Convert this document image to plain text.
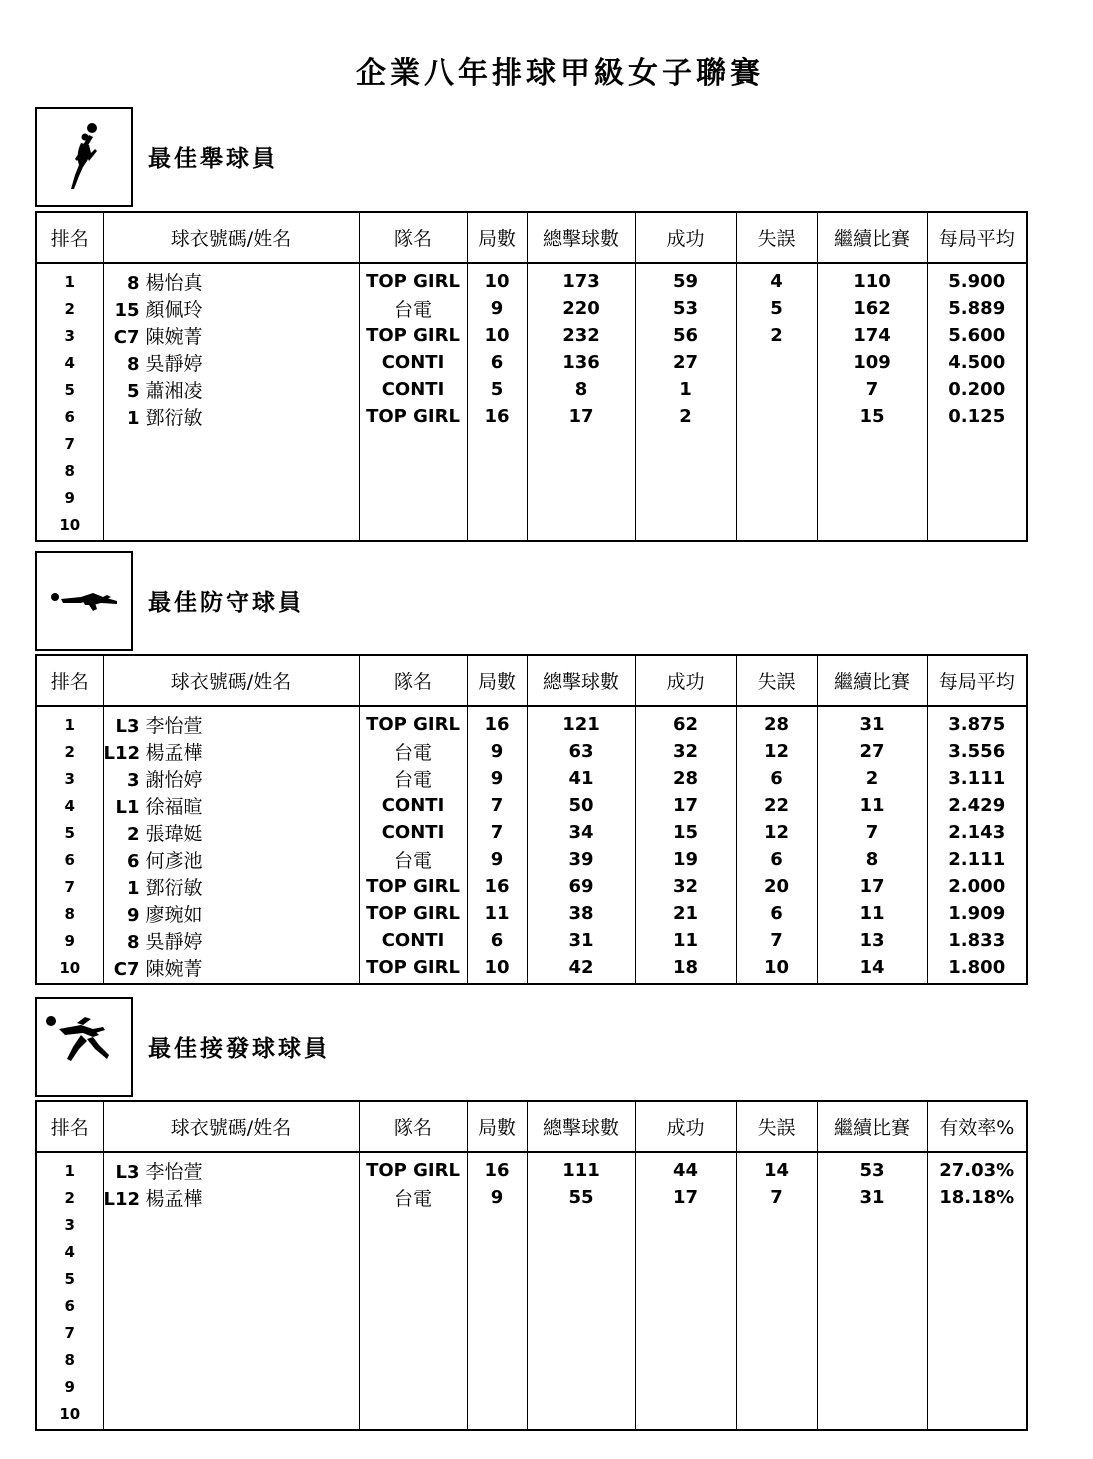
企業八年排球甲級女子聯賽
最佳舉球員
排名	球衣號碼/姓名	隊名	局數	總擊球數	成功	失誤	繼續比賽	每局平均
1	8 楊怡真	TOP GIRL	10	173	59	4	110	5.900
2	15 顏佩玲	台電	9	220	53	5	162	5.889
3	C7 陳婉菁	TOP GIRL	10	232	56	2	174	5.600
4	8 吳靜婷	CONTI	6	136	27		109	4.500
5	5 蕭湘凌	CONTI	5	8	1		7	0.200
6	1 鄧衍敏	TOP GIRL	16	17	2		15	0.125
7								
8								
9								
10								
最佳防守球員
排名	球衣號碼/姓名	隊名	局數	總擊球數	成功	失誤	繼續比賽	每局平均
1	L3 李怡萱	TOP GIRL	16	121	62	28	31	3.875
2	L12 楊孟樺	台電	9	63	32	12	27	3.556
3	3 謝怡婷	台電	9	41	28	6	2	3.111
4	L1 徐福暄	CONTI	7	50	17	22	11	2.429
5	2 張瑋娗	CONTI	7	34	15	12	7	2.143
6	6 何彥池	台電	9	39	19	6	8	2.111
7	1 鄧衍敏	TOP GIRL	16	69	32	20	17	2.000
8	9 廖琬如	TOP GIRL	11	38	21	6	11	1.909
9	8 吳靜婷	CONTI	6	31	11	7	13	1.833
10	C7 陳婉菁	TOP GIRL	10	42	18	10	14	1.800
最佳接發球球員
排名	球衣號碼/姓名	隊名	局數	總擊球數	成功	失誤	繼續比賽	有效率%
1	L3 李怡萱	TOP GIRL	16	111	44	14	53	27.03%
2	L12 楊孟樺	台電	9	55	17	7	31	18.18%
3								
4								
5								
6								
7								
8								
9								
10								
